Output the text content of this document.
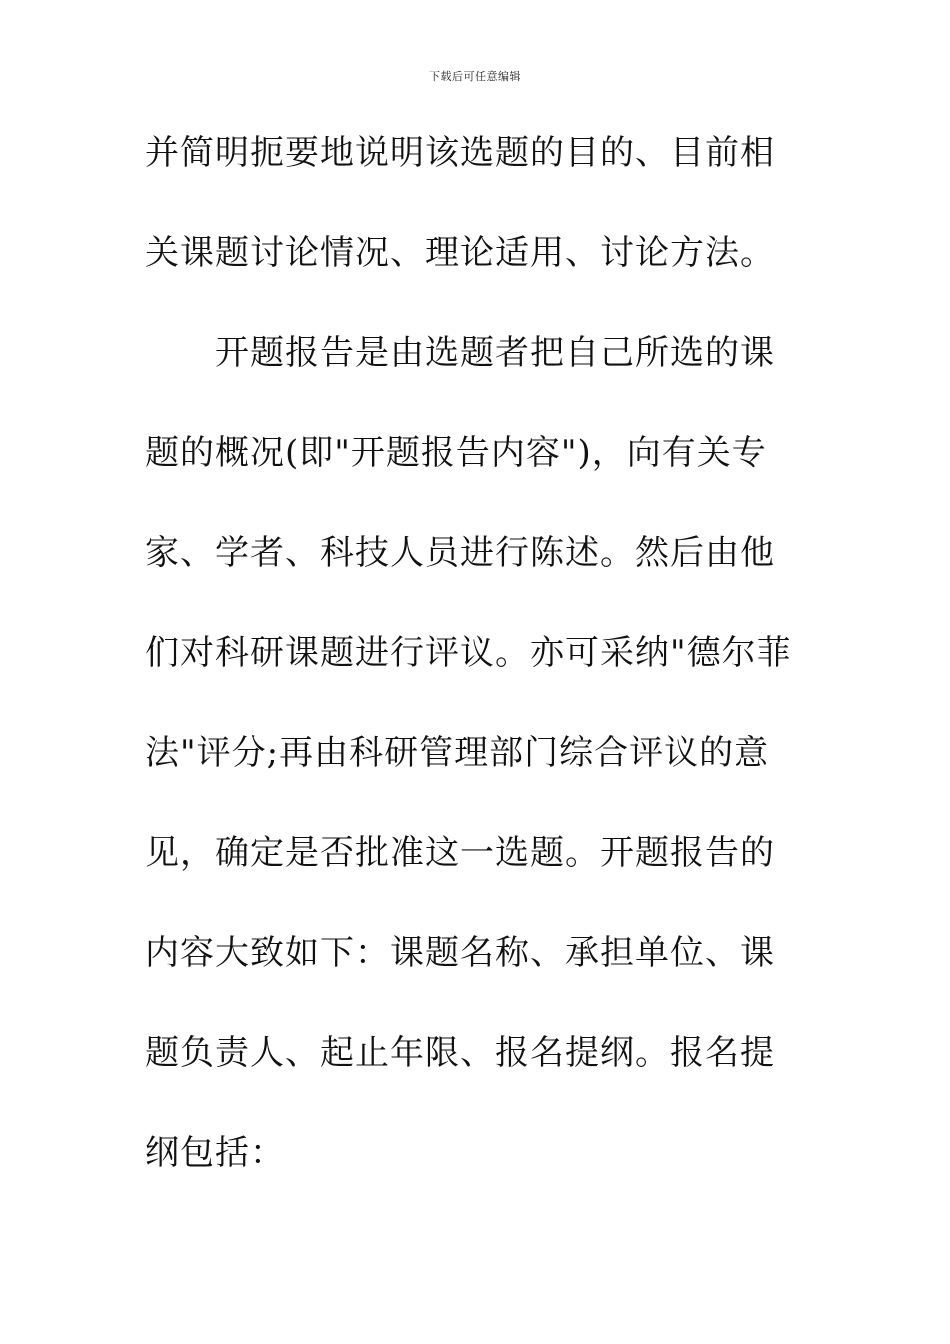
下载后可任意编辑
并简明扼要地说明该选题的目的、目前相
关课题讨论情况、理论适用、讨论方法。
开题报告是由选题者把自己所选的课
题的概况(即"开题报告内容")，向有关专
家、学者、科技人员进行陈述。然后由他
们对科研课题进行评议。亦可采纳"德尔菲
法"评分;再由科研管理部门综合评议的意
见，确定是否批准这一选题。开题报告的
内容大致如下：课题名称、承担单位、课
题负责人、起止年限、报名提纲。报名提
纲包括：
